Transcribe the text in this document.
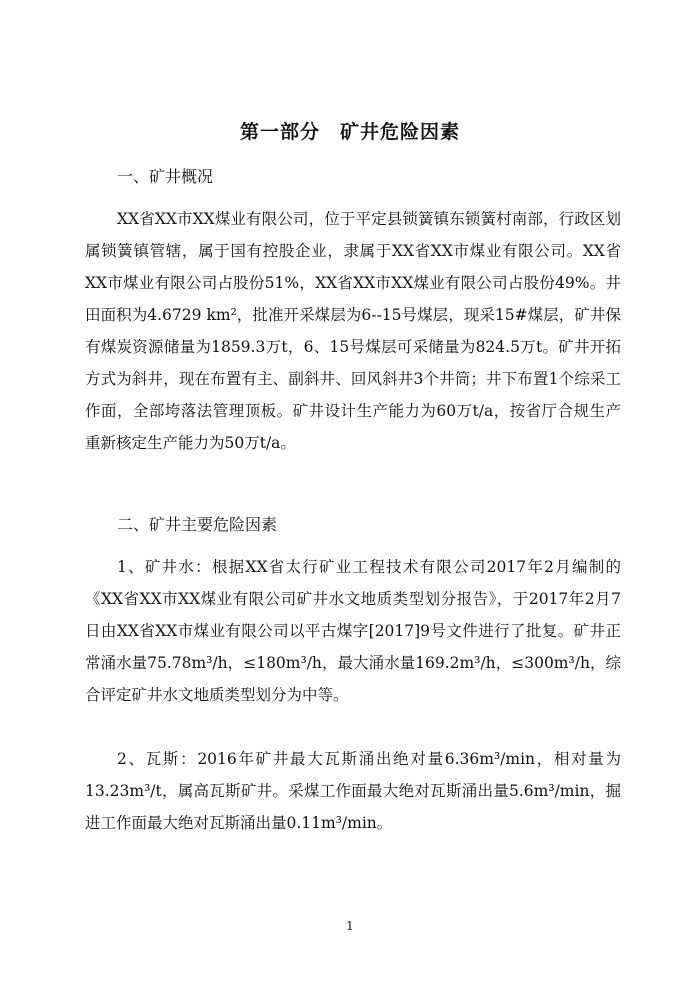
第一部分　矿井危险因素
一、矿井概况
XX省XX市XX煤业有限公司，位于平定县锁簧镇东锁簧村南部，行政区划属锁簧镇管辖，属于国有控股企业，隶属于XX省XX市煤业有限公司。XX省XX市煤业有限公司占股份51%，XX省XX市XX煤业有限公司占股份49%。井田面积为4.6729 km²，批准开采煤层为6--15号煤层，现采15#煤层，矿井保有煤炭资源储量为1859.3万t，6、15号煤层可采储量为824.5万t。矿井开拓方式为斜井，现在布置有主、副斜井、回风斜井3个井筒；井下布置1个综采工作面，全部垮落法管理顶板。矿井设计生产能力为60万t/a，按省厅合规生产重新核定生产能力为50万t/a。
二、矿井主要危险因素
1、矿井水：根据XX省太行矿业工程技术有限公司2017年2月编制的《XX省XX市XX煤业有限公司矿井水文地质类型划分报告》，于2017年2月7日由XX省XX市煤业有限公司以平古煤字[2017]9号文件进行了批复。矿井正常涌水量75.78m³/h，≤180m³/h，最大涌水量169.2m³/h，≤300m³/h，综合评定矿井水文地质类型划分为中等。
2、瓦斯：2016年矿井最大瓦斯涌出绝对量6.36m³/min，相对量为13.23m³/t，属高瓦斯矿井。采煤工作面最大绝对瓦斯涌出量5.6m³/min，掘进工作面最大绝对瓦斯涌出量0.11m³/min。
1
